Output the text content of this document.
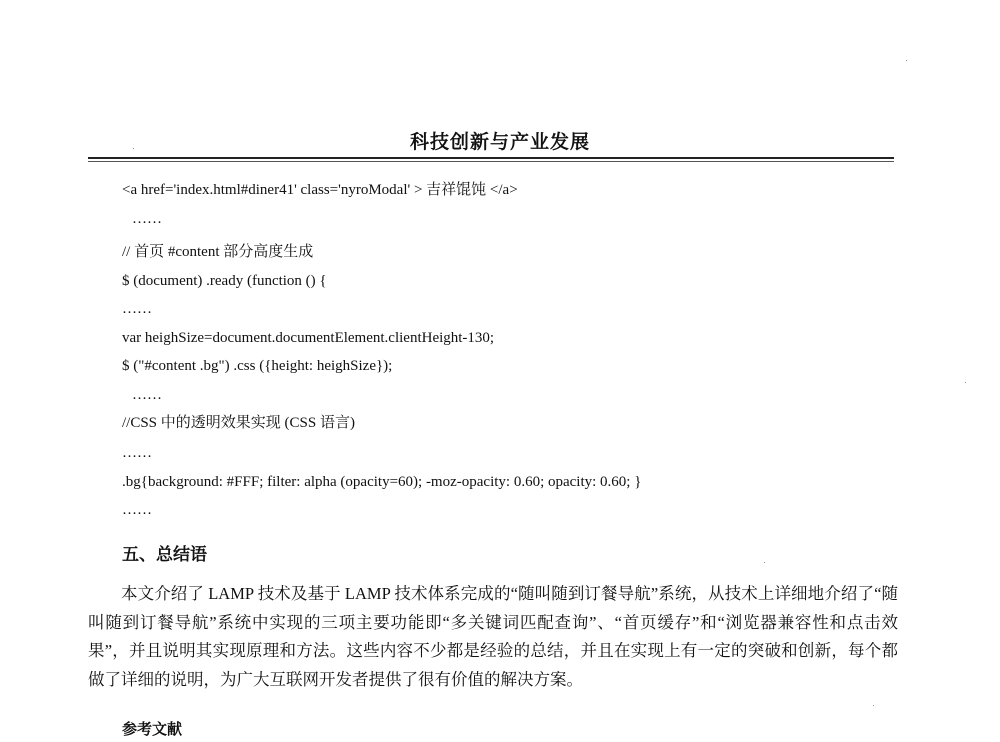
科技创新与产业发展
<a href='index.html#diner41' class='nyroModal' > 吉祥馄饨 </a>
……
// 首页 #content 部分高度生成
$ (document) .ready (function () {
……
var heighSize=document.documentElement.clientHeight-130;
$ ("#content .bg") .css ({height: heighSize});
……
//CSS 中的透明效果实现 (CSS 语言)
……
.bg{background: #FFF; filter: alpha (opacity=60); -moz-opacity: 0.60; opacity: 0.60; }
……
五、总结语

本文介绍了 LAMP 技术及基于 LAMP 技术体系完成的“随叫随到订餐导航”系统，从技术上详细地介绍了“随叫随到订餐导航”系统中实现的三项主要功能即“多关键词匹配查询”、“首页缓存”和“浏览器兼容性和点击效果”，并且说明其实现原理和方法。这些内容不少都是经验的总结，并且在实现上有一定的突破和创新，每个都做了详细的说明，为广大互联网开发者提供了很有价值的解决方案。

参考文献
